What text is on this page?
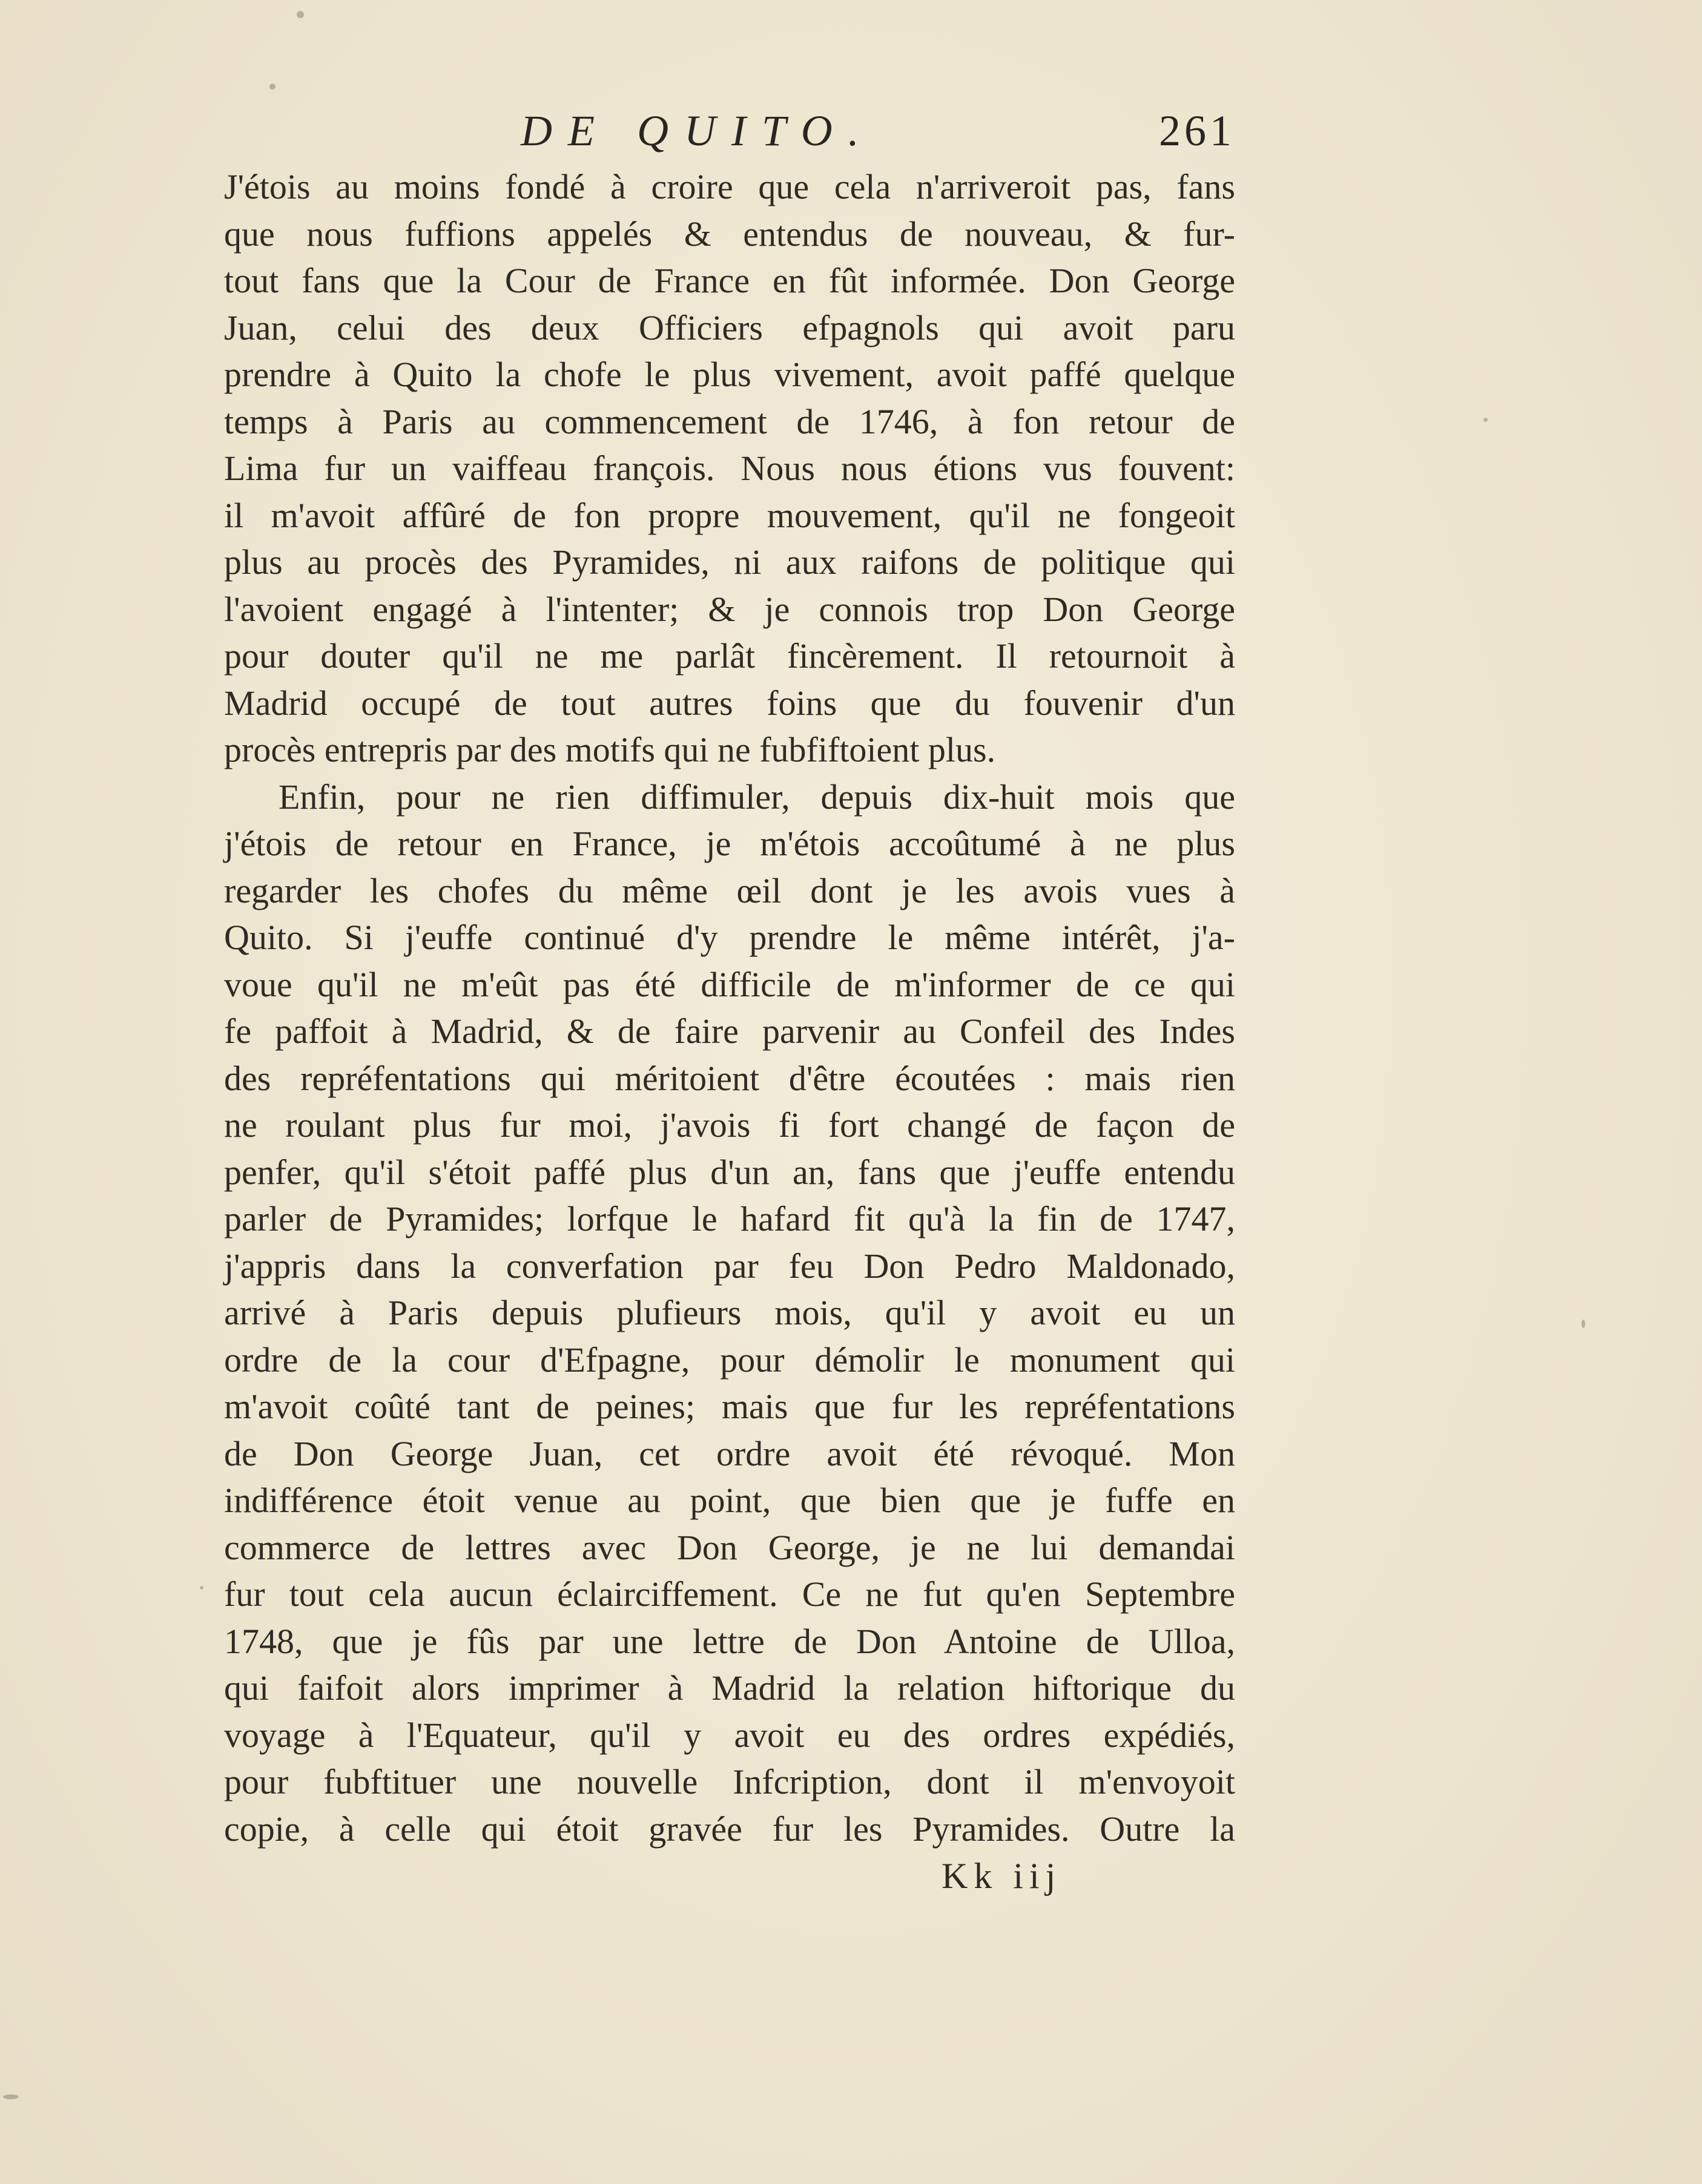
DE QUITO.	261
J'étois au moins fondé à croire que cela n'arriveroit pas, fans
que nous fuffions appelés & entendus de nouveau, & fur-
tout fans que la Cour de France en fût informée. Don George
Juan, celui des deux Officiers efpagnols qui avoit paru
prendre à Quito la chofe le plus vivement, avoit paffé quelque
temps à Paris au commencement de 1746, à fon retour de
Lima fur un vaiffeau françois. Nous nous étions vus fouvent:
il m'avoit affûré de fon propre mouvement, qu'il ne fongeoit
plus au procès des Pyramides, ni aux raifons de politique qui
l'avoient engagé à l'intenter; & je connois trop Don George
pour douter qu'il ne me parlât fincèrement. Il retournoit à
Madrid occupé de tout autres foins que du fouvenir d'un
procès entrepris par des motifs qui ne fubfiftoient plus.
Enfin, pour ne rien diffimuler, depuis dix-huit mois que
j'étois de retour en France, je m'étois accoûtumé à ne plus
regarder les chofes du même œil dont je les avois vues à
Quito. Si j'euffe continué d'y prendre le même intérêt, j'a-
voue qu'il ne m'eût pas été difficile de m'informer de ce qui
fe paffoit à Madrid, & de faire parvenir au Confeil des Indes
des repréfentations qui méritoient d'être écoutées : mais rien
ne roulant plus fur moi, j'avois fi fort changé de façon de
penfer, qu'il s'étoit paffé plus d'un an, fans que j'euffe entendu
parler de Pyramides; lorfque le hafard fit qu'à la fin de 1747,
j'appris dans la converfation par feu Don Pedro Maldonado,
arrivé à Paris depuis plufieurs mois, qu'il y avoit eu un
ordre de la cour d'Efpagne, pour démolir le monument qui
m'avoit coûté tant de peines; mais que fur les repréfentations
de Don George Juan, cet ordre avoit été révoqué. Mon
indifférence étoit venue au point, que bien que je fuffe en
commerce de lettres avec Don George, je ne lui demandai
fur tout cela aucun éclairciffement. Ce ne fut qu'en Septembre
1748, que je fûs par une lettre de Don Antoine de Ulloa,
qui faifoit alors imprimer à Madrid la relation hiftorique du
voyage à l'Equateur, qu'il y avoit eu des ordres expédiés,
pour fubftituer une nouvelle Infcription, dont il m'envoyoit
copie, à celle qui étoit gravée fur les Pyramides. Outre la
Kk iij
